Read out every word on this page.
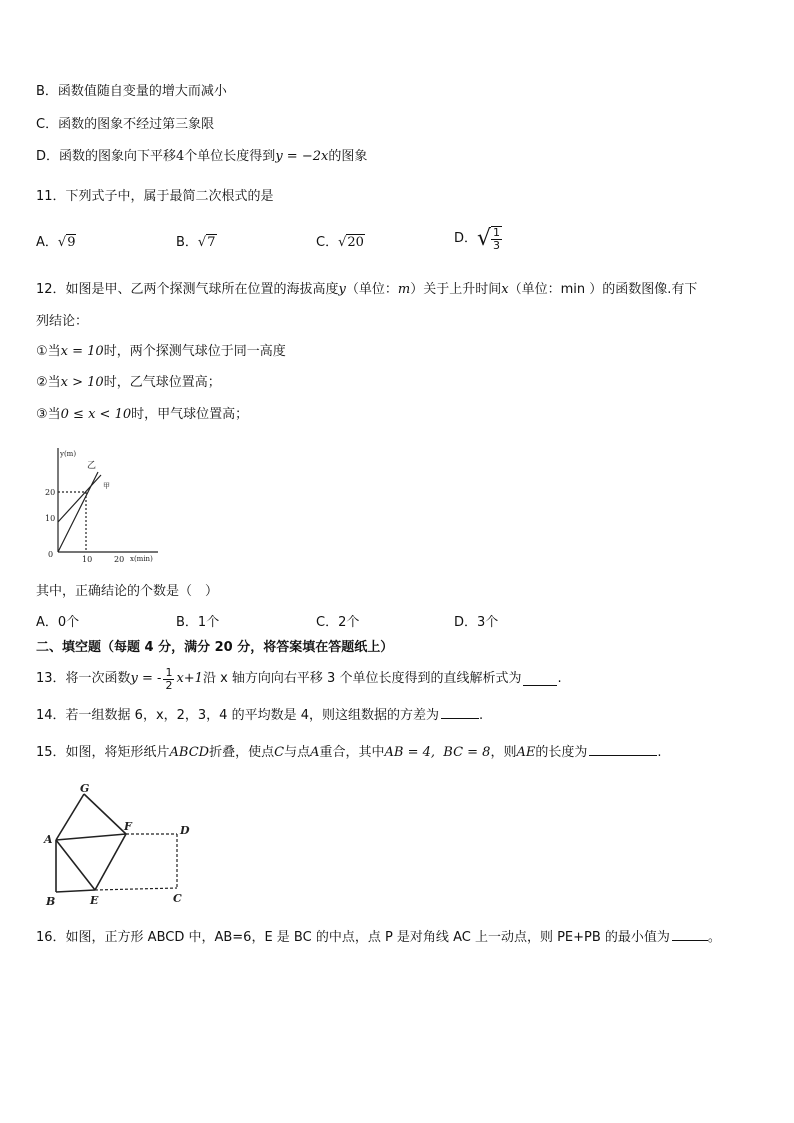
B．函数值随自变量的增大而减小
C．函数的图象不经过第三象限
D．函数的图象向下平移4个单位长度得到y = −2x的图象
11．下列式子中，属于最简二次根式的是
A．√9	B．√7	C．√20	D．√ $\frac{1}{3}$
12．如图是甲、乙两个探测气球所在位置的海拔高度y（单位：m）关于上升时间x（单位：min ）的函数图像.有下
列结论：
①当x = 10时，两个探测气球位于同一高度
②当x > 10时，乙气球位置高；
③当0 ≤ x < 10时，甲气球位置高；
y(m)
20
10
0
10	20 x(min)
乙
甲
其中，正确结论的个数是（　）
A．0个	B．1个	C．2个	D．3个
二、填空题（每题 4 分，满分 20 分，将答案填在答题纸上）
13．将一次函数 y = - $\frac{1}{2} x+1$ 沿 x 轴方向向右平移 3 个单位长度得到的直线解析式为	.
14．若一组数据 6，x，2，3，4 的平均数是 4，则这组数据的方差为	.
15．如图，将矩形纸片ABCD折叠，使点C与点A重合，其中AB = 4, BC = 8，则AE的长度为	.
G
A
F	D
B	E	C
16．如图，正方形 ABCD 中，AB=6，E 是 BC 的中点，点 P 是对角线 AC 上一动点，则 PE+PB 的最小值为	。
